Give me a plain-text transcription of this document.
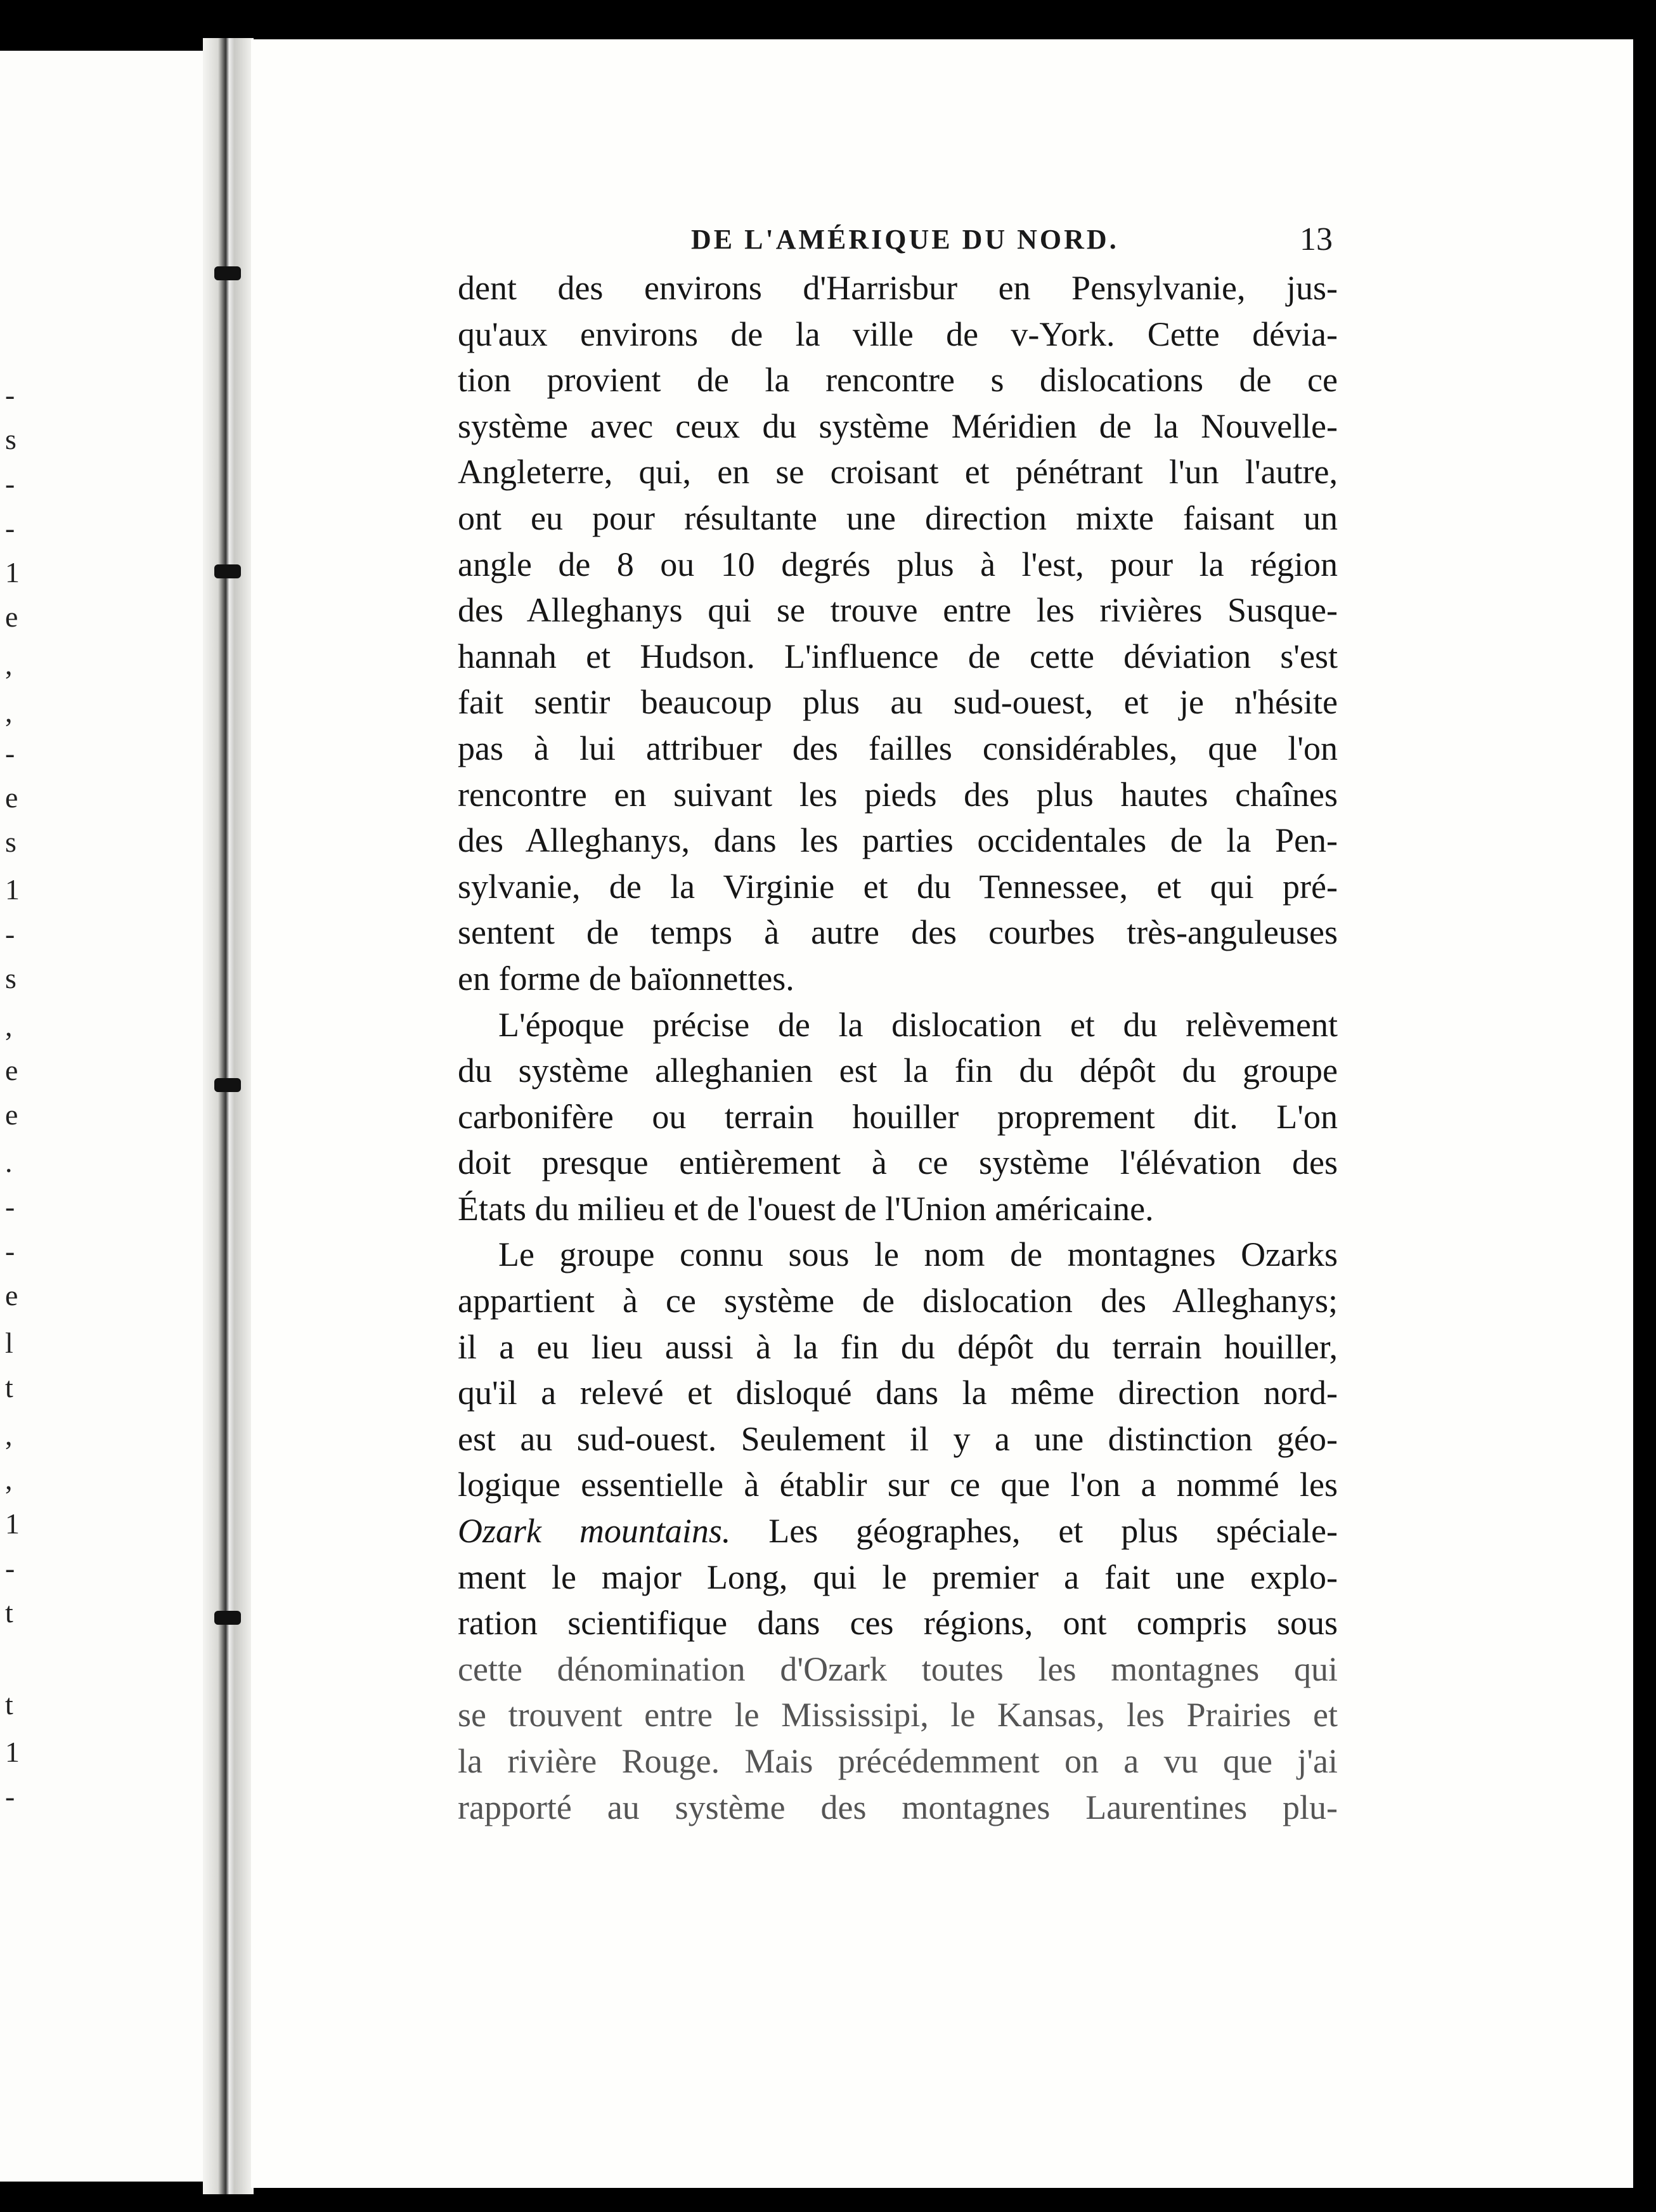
-
s
-
-
1
e
,
,
-
e
s
1
-
s
,
e
e
.
-
-
e
l
t
,
,
1
-
t
t
1
-
DE L'AMÉRIQUE DU NORD.	13
dent des environs d'Harrisbur en Pensylvanie, jus-
qu'aux environs de la ville de v-York. Cette dévia-
tion provient de la rencontre s dislocations de ce
système avec ceux du système Méridien de la Nouvelle-
Angleterre, qui, en se croisant et pénétrant l'un l'autre,
ont eu pour résultante une direction mixte faisant un
angle de 8 ou 10 degrés plus à l'est, pour la région
des Alleghanys qui se trouve entre les rivières Susque-
hannah et Hudson. L'influence de cette déviation s'est
fait sentir beaucoup plus au sud-ouest, et je n'hésite
pas à lui attribuer des failles considérables, que l'on
rencontre en suivant les pieds des plus hautes chaînes
des Alleghanys, dans les parties occidentales de la Pen-
sylvanie, de la Virginie et du Tennessee, et qui pré-
sentent de temps à autre des courbes très-anguleuses
en forme de baïonnettes.
L'époque précise de la dislocation et du relèvement
du système alleghanien est la fin du dépôt du groupe
carbonifère ou terrain houiller proprement dit. L'on
doit presque entièrement à ce système l'élévation des
États du milieu et de l'ouest de l'Union américaine.
Le groupe connu sous le nom de montagnes Ozarks
appartient à ce système de dislocation des Alleghanys;
il a eu lieu aussi à la fin du dépôt du terrain houiller,
qu'il a relevé et disloqué dans la même direction nord-
est au sud-ouest. Seulement il y a une distinction géo-
logique essentielle à établir sur ce que l'on a nommé les
Ozark mountains. Les géographes, et plus spéciale-
ment le major Long, qui le premier a fait une explo-
ration scientifique dans ces régions, ont compris sous
cette dénomination d'Ozark toutes les montagnes qui
se trouvent entre le Mississipi, le Kansas, les Prairies et
la rivière Rouge. Mais précédemment on a vu que j'ai
rapporté au système des montagnes Laurentines plu-
